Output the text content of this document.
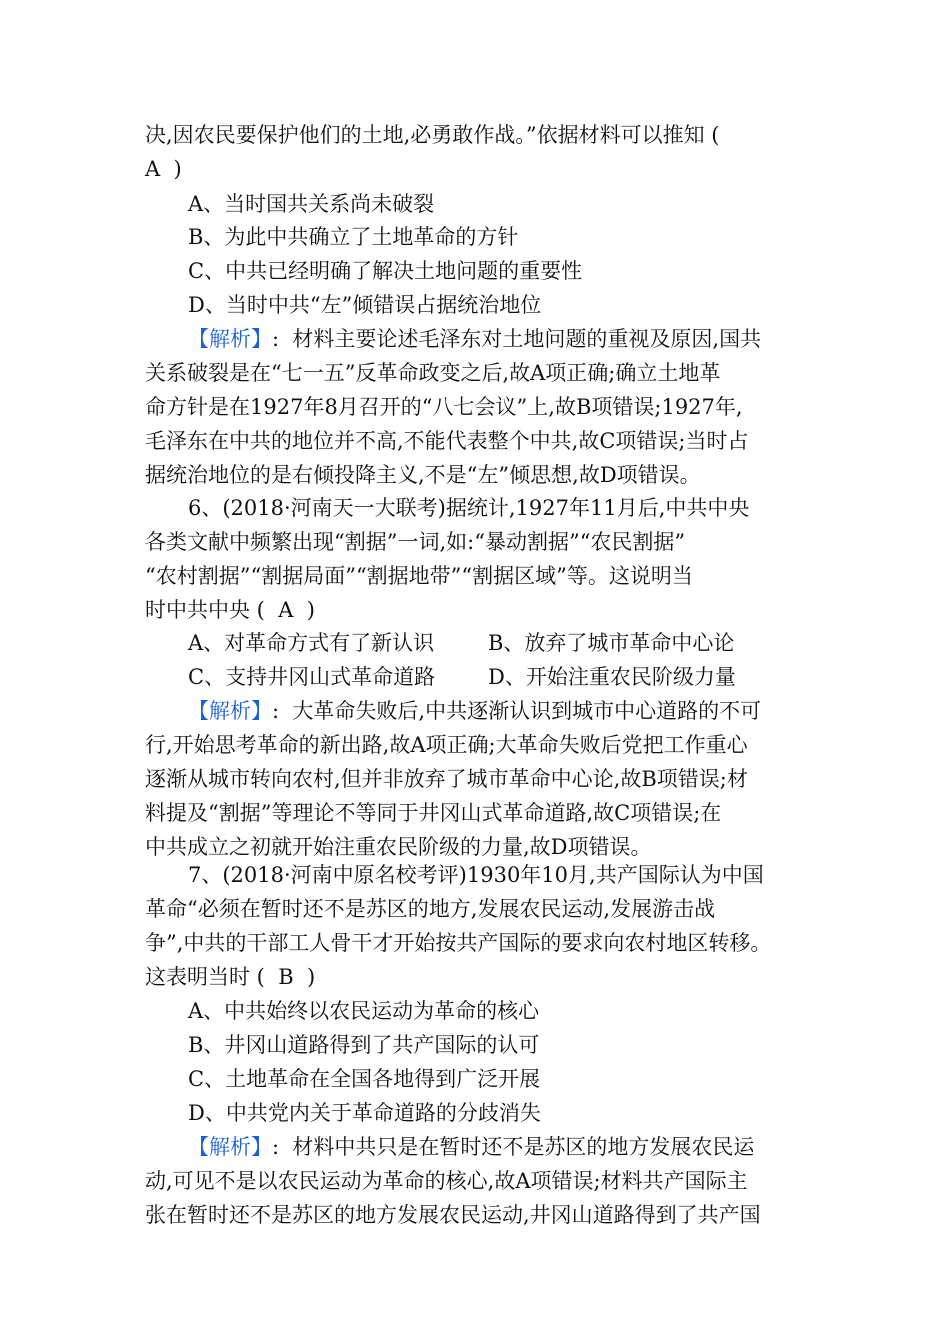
决,因农民要保护他们的土地,必勇敢作战。”依据材料可以推知 (
A  )
A、当时国共关系尚未破裂
B、为此中共确立了土地革命的方针
C、中共已经明确了解决土地问题的重要性
D、当时中共“左”倾错误占据统治地位
【解析】:  材料主要论述毛泽东对土地问题的重视及原因,国共
关系破裂是在“七一五”反革命政变之后,故A项正确;确立土地革
命方针是在1927年8月召开的“八七会议”上,故B项错误;1927年,
毛泽东在中共的地位并不高,不能代表整个中共,故C项错误;当时占
据统治地位的是右倾投降主义,不是“左”倾思想,故D项错误。
6、(2018·河南天一大联考)据统计,1927年11月后,中共中央
各类文献中频繁出现“割据”一词,如:“暴动割据”“农民割据”
“农村割据”“割据局面”“割据地带”“割据区域”等。这说明当
时中共中央 (  A  )
A、对革命方式有了新认识	B、放弃了城市革命中心论
C、支持井冈山式革命道路	D、开始注重农民阶级力量
【解析】:  大革命失败后,中共逐渐认识到城市中心道路的不可
行,开始思考革命的新出路,故A项正确;大革命失败后党把工作重心
逐渐从城市转向农村,但并非放弃了城市革命中心论,故B项错误;材
料提及“割据”等理论不等同于井冈山式革命道路,故C项错误;在
中共成立之初就开始注重农民阶级的力量,故D项错误。
7、(2018·河南中原名校考评)1930年10月,共产国际认为中国
革命“必须在暂时还不是苏区的地方,发展农民运动,发展游击战
争”,中共的干部工人骨干才开始按共产国际的要求向农村地区转移。
这表明当时 (  B  )
A、中共始终以农民运动为革命的核心
B、井冈山道路得到了共产国际的认可
C、土地革命在全国各地得到广泛开展
D、中共党内关于革命道路的分歧消失
【解析】:  材料中共只是在暂时还不是苏区的地方发展农民运
动,可见不是以农民运动为革命的核心,故A项错误;材料共产国际主
张在暂时还不是苏区的地方发展农民运动,井冈山道路得到了共产国
